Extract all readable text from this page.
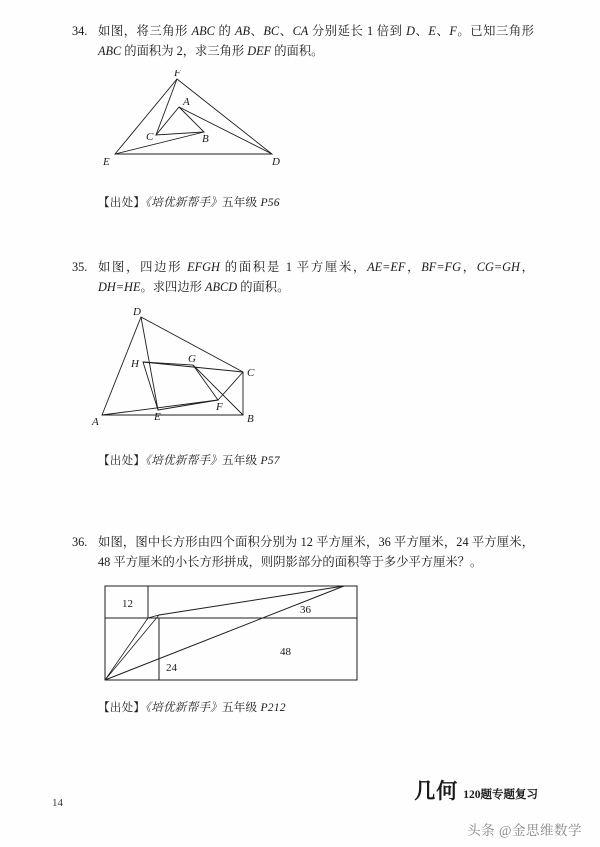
34. 如图，将三角形 ABC 的 AB、BC、CA 分别延长 1 倍到 D、E、F。已知三角形 ABC 的面积为 2，求三角形 DEF 的面积。
F
A
C	B
E	D
【出处】《培优新帮手》五年级 P56
35. 如图，四边形 EFGH 的面积是 1 平方厘米，AE=EF，BF=FG，CG=GH，DH=HE。求四边形 ABCD 的面积。
D
H	G
C
E
F
A	B
【出处】《培优新帮手》五年级 P57
36. 如图，图中长方形由四个面积分别为 12 平方厘米，36 平方厘米，24 平方厘米，48 平方厘米的小长方形拼成，则阴影部分的面积等于多少平方厘米？。
12	36
24
48
【出处】《培优新帮手》五年级 P212
14	几何 120题专题复习
头条 @金思维数学
